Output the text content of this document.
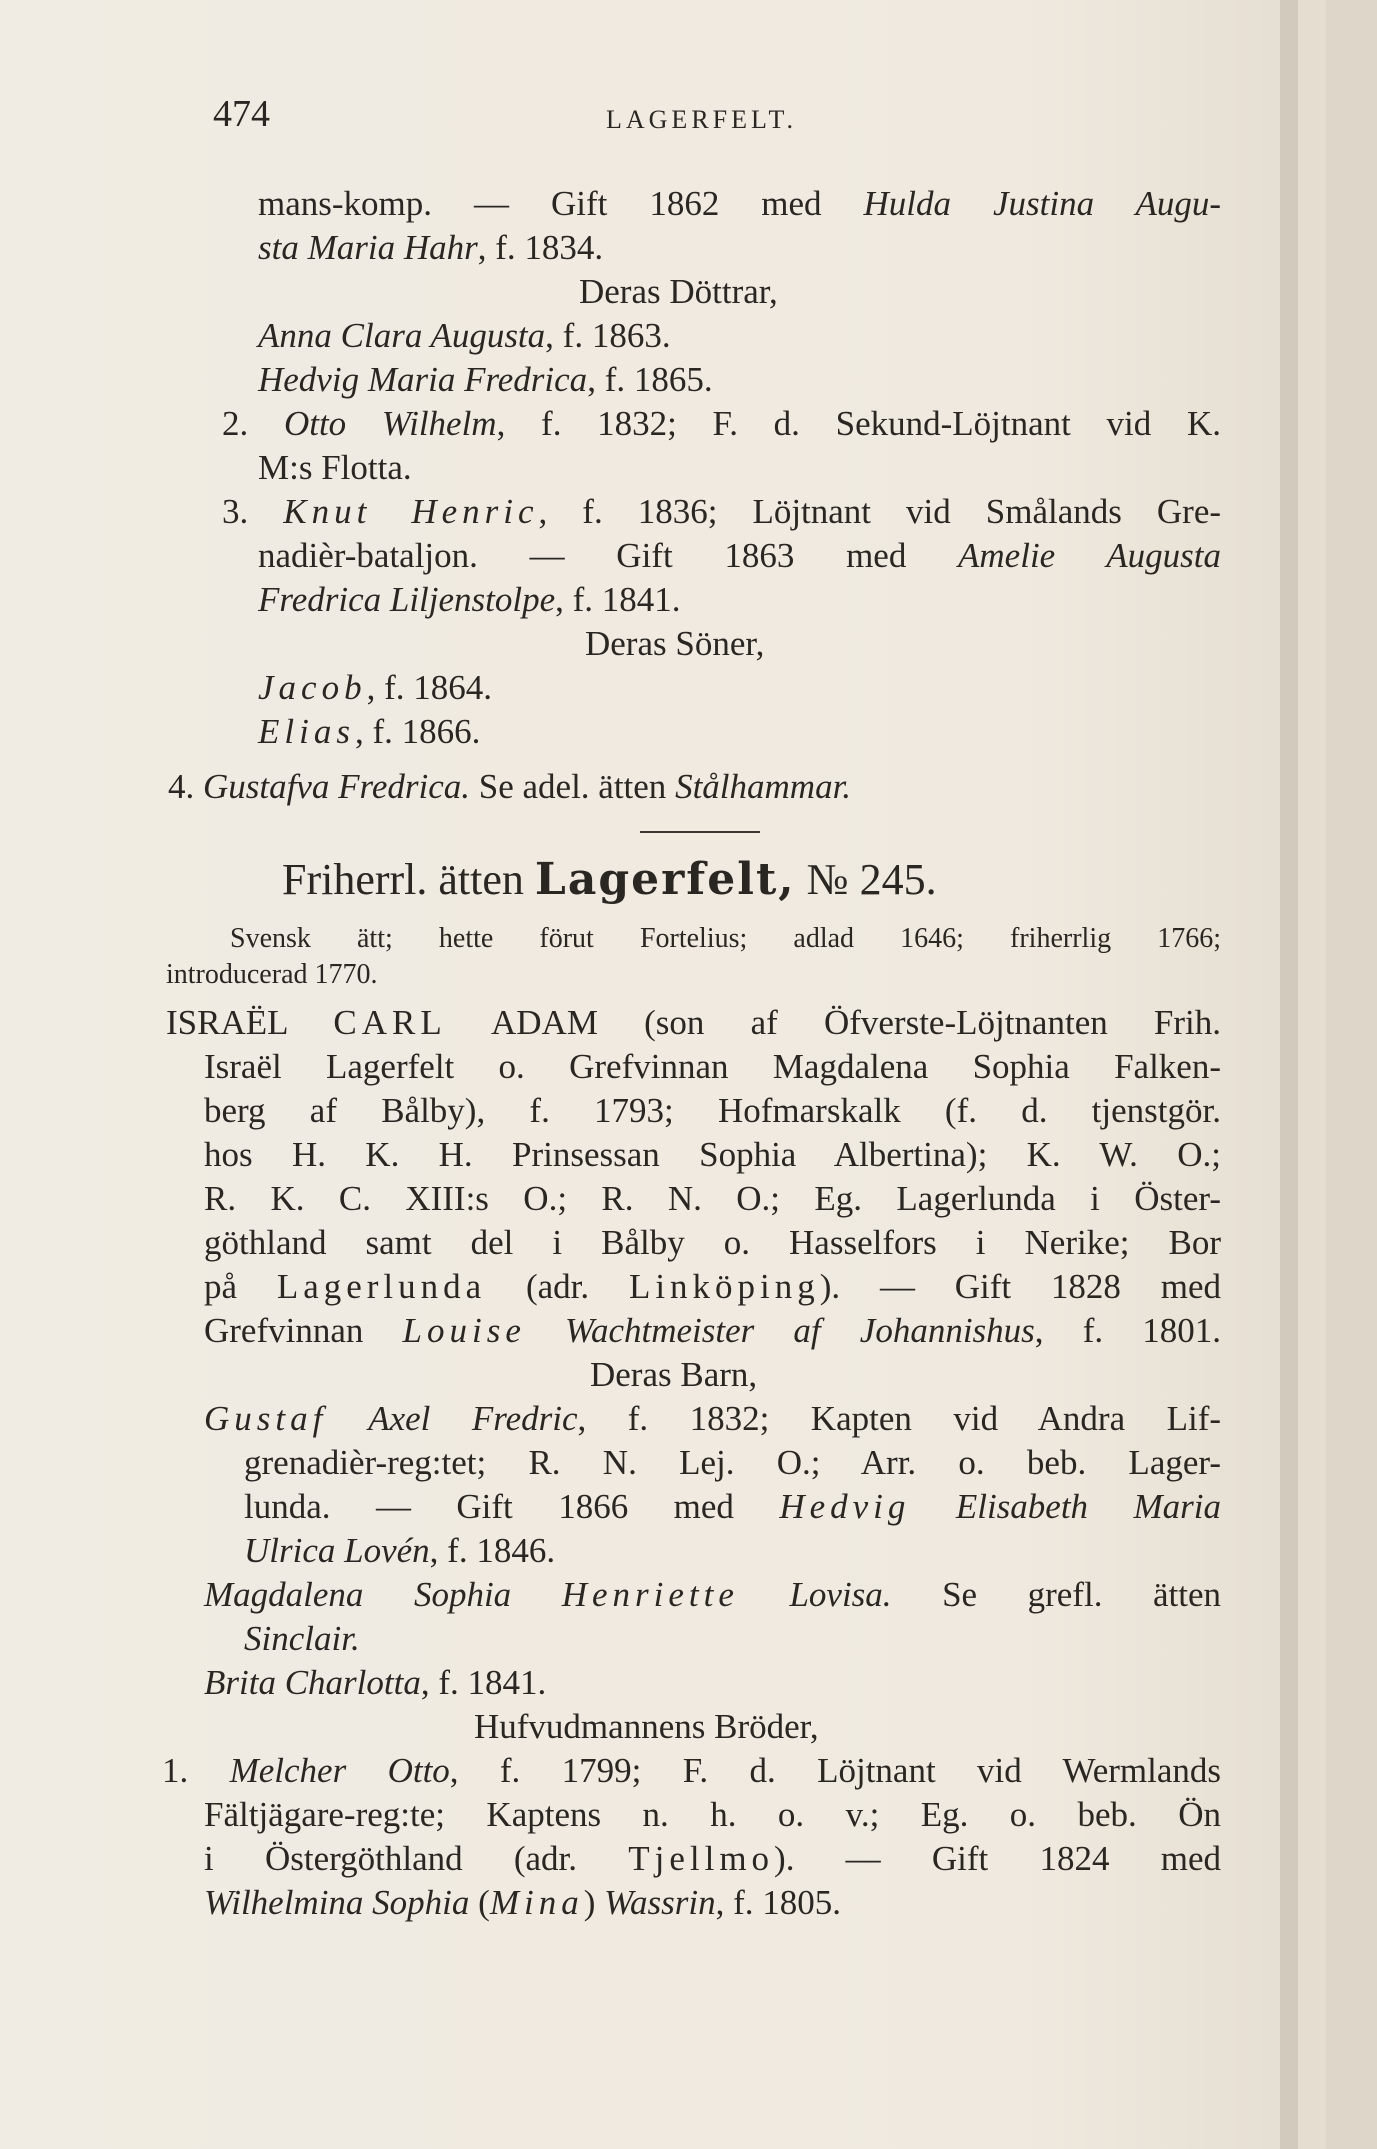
474	LAGERFELT.
mans-komp. — Gift 1862 med Hulda Justina Augu-
sta Maria Hahr, f. 1834.
Deras Döttrar,
Anna Clara Augusta, f. 1863.
Hedvig Maria Fredrica, f. 1865.
2. Otto Wilhelm, f. 1832; F. d. Sekund-Löjtnant vid K.
M:s Flotta.
3. Knut Henric, f. 1836; Löjtnant vid Smålands Gre-
nadièr-bataljon. — Gift 1863 med Amelie Augusta
Fredrica Liljenstolpe, f. 1841.
Deras Söner,
Jacob, f. 1864.
Elias, f. 1866.
4. Gustafva Fredrica. Se adel. ätten Stålhammar.
Friherrl. ätten Lagerfelt, № 245.
Svensk ätt; hette förut Fortelius; adlad 1646; friherrlig 1766;
introducerad 1770.
ISRAËL CARL ADAM (son af Öfverste-Löjtnanten Frih.
Israël Lagerfelt o. Grefvinnan Magdalena Sophia Falken-
berg af Bålby), f. 1793; Hofmarskalk (f. d. tjenstgör.
hos H. K. H. Prinsessan Sophia Albertina); K. W. O.;
R. K. C. XIII:s O.; R. N. O.; Eg. Lagerlunda i Öster-
göthland samt del i Bålby o. Hasselfors i Nerike; Bor
på Lagerlunda (adr. Linköping). — Gift 1828 med
Grefvinnan Louise Wachtmeister af Johannishus, f. 1801.
Deras Barn,
Gustaf Axel Fredric, f. 1832; Kapten vid Andra Lif-
grenadièr-reg:tet; R. N. Lej. O.; Arr. o. beb. Lager-
lunda. — Gift 1866 med Hedvig Elisabeth Maria
Ulrica Lovén, f. 1846.
Magdalena Sophia Henriette Lovisa. Se grefl. ätten
Sinclair.
Brita Charlotta, f. 1841.
Hufvudmannens Bröder,
1. Melcher Otto, f. 1799; F. d. Löjtnant vid Wermlands
Fältjägare-reg:te; Kaptens n. h. o. v.; Eg. o. beb. Ön
i Östergöthland (adr. Tjellmo). — Gift 1824 med
Wilhelmina Sophia (Mina) Wassrin, f. 1805.
